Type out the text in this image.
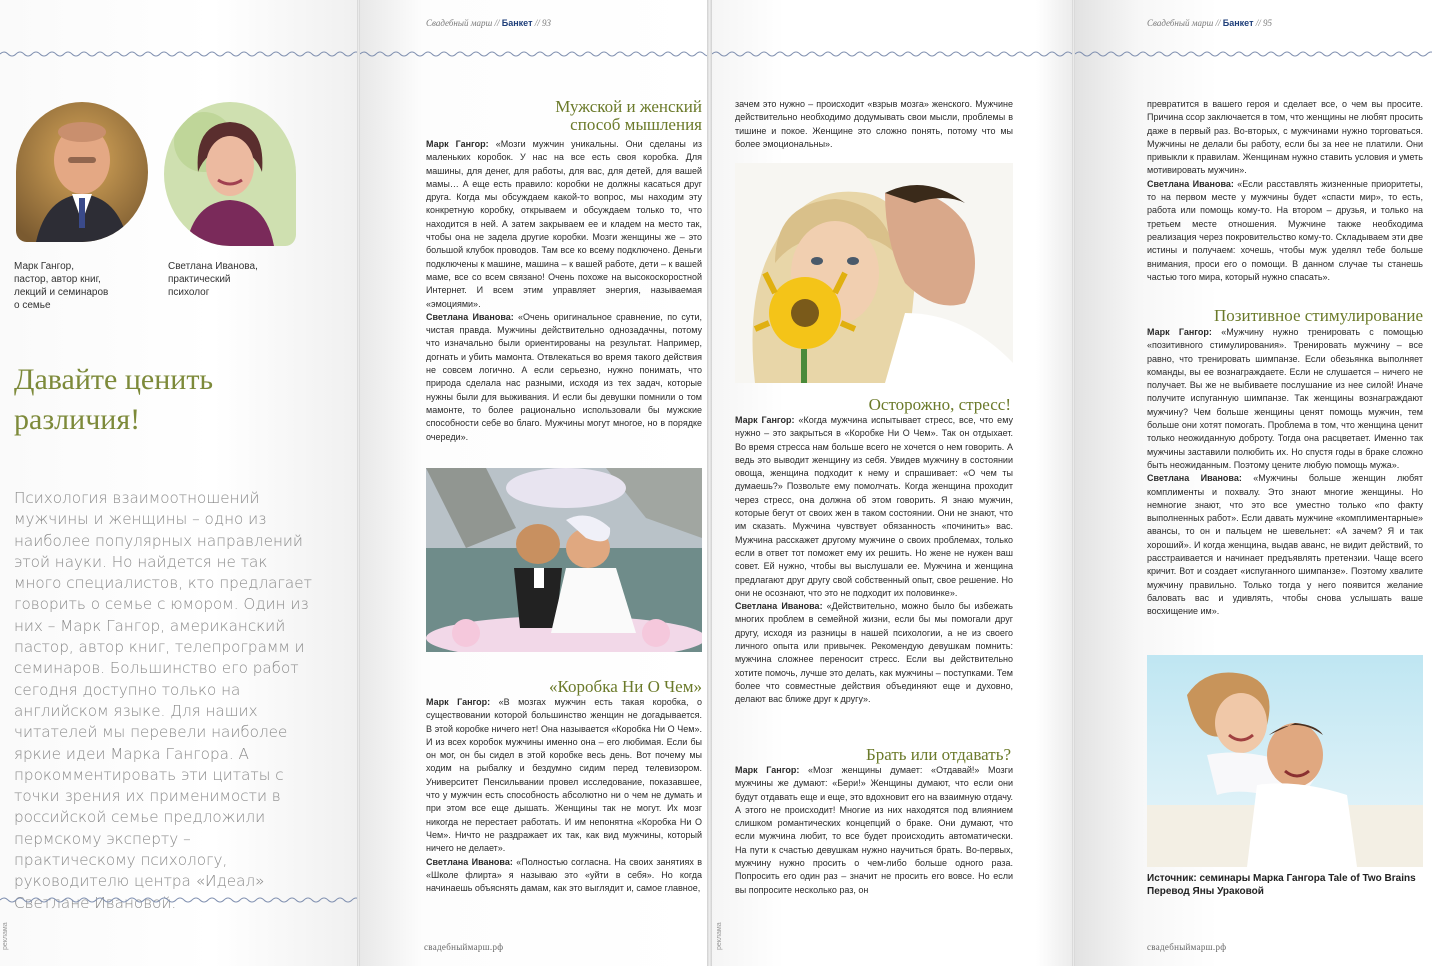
Марк Гангор,
пастор, автор книг,
лекций и семинаров
о семье
Светлана Иванова,
практический
психолог
Давайте ценить
различия!
Психология взаимоотношений мужчины и женщины – одно из наиболее популярных направлений этой науки. Но найдется не так много специалистов, кто предлагает говорить о семье с юмором. Один из них – Марк Гангор, американский пастор, автор книг, телепрограмм и семинаров. Большинство его работ сегодня доступно только на английском языке. Для наших читателей мы перевели наиболее яркие идеи Марка Гангора. А прокомментировать эти цитаты с точки зрения их применимости в российской семье предложили пермскому эксперту – практическому психологу, руководителю центра «Идеал» Светлане Ивановой.
реклама
Свадебный марш // Банкет // 93
Мужской и женский
способ мышления
Марк Гангор: «Мозги мужчин уникальны. Они сделаны из маленьких коробок. У нас на все есть своя коробка. Для машины, для денег, для работы, для вас, для детей, для вашей мамы… А еще есть правило: коробки не должны касаться друг друга. Когда мы обсуждаем какой-то вопрос, мы находим эту конкретную коробку, открываем и обсуждаем только то, что находится в ней. А затем закрываем ее и кладем на место так, чтобы она не задела другие коробки. Мозги женщины же – это большой клубок проводов. Там все ко всему подключено. Деньги подключены к машине, машина – к вашей работе, дети – к вашей маме, все со всем связано! Очень похоже на высокоскоростной Интернет. И всем этим управляет энергия, называемая «эмоциями».
Светлана Иванова: «Очень оригинальное сравнение, по сути, чистая правда. Мужчины действительно однозадачны, потому что изначально были ориентированы на результат. Например, догнать и убить мамонта. Отвлекаться во время такого действия не совсем логично. А если серьезно, нужно понимать, что природа сделала нас разными, исходя из тех задач, которые нужны были для выживания. И если бы девушки помнили о том мамонте, то более рационально использовали бы мужские способности себе во благо. Мужчины могут многое, но в порядке очереди».
«Коробка Ни О Чем»
Марк Гангор: «В мозгах мужчин есть такая коробка, о существовании которой большинство женщин не догадывается. В этой коробке ничего нет! Она называется «Коробка Ни О Чем». И из всех коробок мужчины именно она – его любимая. Если бы он мог, он бы сидел в этой коробке весь день. Вот почему мы ходим на рыбалку и бездумно сидим перед телевизором. Университет Пенсильвании провел исследование, показавшее, что у мужчин есть способность абсолютно ни о чем не думать и при этом все еще дышать. Женщины так не могут. Их мозг никогда не перестает работать. И им непонятна «Коробка Ни О Чем». Ничто не раздражает их так, как вид мужчины, который ничего не делает».
Светлана Иванова: «Полностью согласна. На своих занятиях в «Школе флирта» я называю это «уйти в себя». Но когда начинаешь объяснять дамам, как это выглядит и, самое главное,
свадебныймарш.рф
зачем это нужно – происходит «взрыв мозга» женского. Мужчине действительно необходимо додумывать свои мысли, проблемы в тишине и покое. Женщине это сложно понять, потому что мы более эмоциональны».
Осторожно, стресс!
Марк Гангор: «Когда мужчина испытывает стресс, все, что ему нужно – это закрыться в «Коробке Ни О Чем». Так он отдыхает. Во время стресса нам больше всего не хочется о нем говорить. А ведь это выводит женщину из себя. Увидев мужчину в состоянии овоща, женщина подходит к нему и спрашивает: «О чем ты думаешь?» Позвольте ему помолчать. Когда женщина проходит через стресс, она должна об этом говорить. Я знаю мужчин, которые бегут от своих жен в таком состоянии. Они не знают, что им сказать. Мужчина чувствует обязанность «починить» вас. Мужчина расскажет другому мужчине о своих проблемах, только если в ответ тот поможет ему их решить. Но жене не нужен ваш совет. Ей нужно, чтобы вы выслушали ее. Мужчина и женщина предлагают друг другу свой собственный опыт, свое решение. Но они не осознают, что это не подходит их половинке».
Светлана Иванова: «Действительно, можно было бы избежать многих проблем в семейной жизни, если бы мы помогали друг другу, исходя из разницы в нашей психологии, а не из своего личного опыта или привычек. Рекомендую девушкам помнить: мужчина сложнее переносит стресс. Если вы действительно хотите помочь, лучше это делать, как мужчины – поступками. Тем более что совместные действия объединяют еще и духовно, делают вас ближе друг к другу».
Брать или отдавать?
Марк Гангор: «Мозг женщины думает: «Отдавай!» Мозги мужчины же думают: «Бери!» Женщины думают, что если они будут отдавать еще и еще, это вдохновит его на взаимную отдачу. А этого не происходит! Многие из них находятся под влиянием слишком романтических концепций о браке. Они думают, что если мужчина любит, то все будет происходить автоматически. На пути к счастью девушкам нужно научиться брать. Во-первых, мужчину нужно просить о чем-либо больше одного раза. Попросить его один раз – значит не просить его вовсе. Но если вы попросите несколько раз, он
реклама
Свадебный марш // Банкет // 95
превратится в вашего героя и сделает все, о чем вы просите. Причина ссор заключается в том, что женщины не любят просить даже в первый раз. Во-вторых, с мужчинами нужно торговаться. Мужчины не делали бы работу, если бы за нее не платили. Они привыкли к правилам. Женщинам нужно ставить условия и уметь мотивировать мужчин».
Светлана Иванова: «Если расставлять жизненные приоритеты, то на первом месте у мужчины будет «спасти мир», то есть, работа или помощь кому-то. На втором – друзья, и только на третьем месте отношения. Мужчине также необходима реализация через покровительство кому-то. Складываем эти две истины и получаем: хочешь, чтобы муж уделял тебе больше внимания, проси его о помощи. В данном случае ты станешь частью того мира, который нужно спасать».
Позитивное стимулирование
Марк Гангор: «Мужчину нужно тренировать с помощью «позитивного стимулирования». Тренировать мужчину – все равно, что тренировать шимпанзе. Если обезьянка выполняет команды, вы ее вознаграждаете. Если не слушается – ничего не получает. Вы же не выбиваете послушание из нее силой! Иначе получите испуганную шимпанзе. Так женщины вознаграждают мужчину? Чем больше женщины ценят помощь мужчин, тем больше они хотят помогать. Проблема в том, что женщина ценит только неожиданную доброту. Тогда она расцветает. Именно так мужчины заставили полюбить их. Но спустя годы в браке сложно быть неожиданным. Поэтому цените любую помощь мужа».
Светлана Иванова: «Мужчины больше женщин любят комплименты и похвалу. Это знают многие женщины. Но немногие знают, что это все уместно только «по факту выполненных работ». Если давать мужчине «комплиментарные» авансы, то он и пальцем не шевельнет: «А зачем? Я и так хороший». И когда женщина, выдав аванс, не видит действий, то расстраивается и начинает предъявлять претензии. Чаще всего кричит. Вот и создает «испуганного шимпанзе». Поэтому хвалите мужчину правильно. Только тогда у него появится желание баловать вас и удивлять, чтобы снова услышать ваше восхищение им».
Источник: семинары Марка Гангора Tale of Two Brains
Перевод Яны Ураковой
свадебныймарш.рф
